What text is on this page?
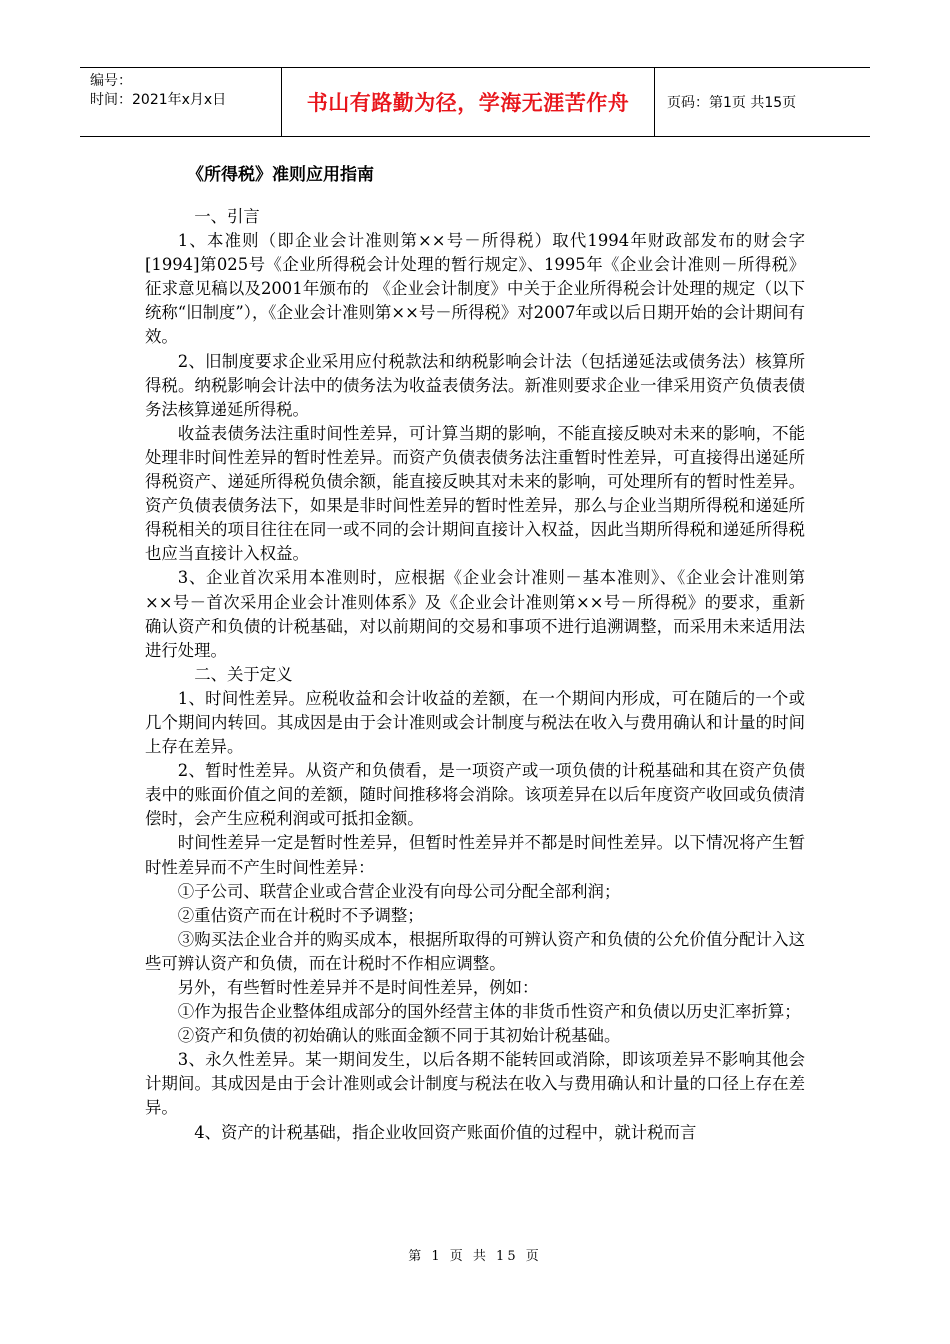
编号：
时间：2021年x月x日	书山有路勤为径，学海无涯苦作舟	页码：第1页 共15页
《所得税》准则应用指南

一、引言

1、本准则（即企业会计准则第××号－所得税）取代1994年财政部发布的财会字[1994]第025号《企业所得税会计处理的暂行规定》、1995年《企业会计准则－所得税》征求意见稿以及2001年颁布的 《企业会计制度》中关于企业所得税会计处理的规定（以下统称“旧制度”），《企业会计准则第××号－所得税》对2007年或以后日期开始的会计期间有效。

2、旧制度要求企业采用应付税款法和纳税影响会计法（包括递延法或债务法）核算所得税。纳税影响会计法中的债务法为收益表债务法。新准则要求企业一律采用资产负债表债务法核算递延所得税。

收益表债务法注重时间性差异，可计算当期的影响，不能直接反映对未来的影响，不能处理非时间性差异的暂时性差异。而资产负债表债务法注重暂时性差异，可直接得出递延所得税资产、递延所得税负债余额，能直接反映其对未来的影响，可处理所有的暂时性差异。资产负债表债务法下，如果是非时间性差异的暂时性差异，那么与企业当期所得税和递延所得税相关的项目往往在同一或不同的会计期间直接计入权益，因此当期所得税和递延所得税也应当直接计入权益。

3、企业首次采用本准则时，应根据《企业会计准则－基本准则》、《企业会计准则第××号－首次采用企业会计准则体系》及《企业会计准则第××号－所得税》的要求，重新确认资产和负债的计税基础，对以前期间的交易和事项不进行追溯调整，而采用未来适用法进行处理。

二、关于定义

1、时间性差异。应税收益和会计收益的差额，在一个期间内形成，可在随后的一个或几个期间内转回。其成因是由于会计准则或会计制度与税法在收入与费用确认和计量的时间上存在差异。

2、暂时性差异。从资产和负债看，是一项资产或一项负债的计税基础和其在资产负债表中的账面价值之间的差额，随时间推移将会消除。该项差异在以后年度资产收回或负债清偿时，会产生应税利润或可抵扣金额。

时间性差异一定是暂时性差异，但暂时性差异并不都是时间性差异。以下情况将产生暂时性差异而不产生时间性差异：

①子公司、联营企业或合营企业没有向母公司分配全部利润；

②重估资产而在计税时不予调整；

③购买法企业合并的购买成本，根据所取得的可辨认资产和负债的公允价值分配计入这些可辨认资产和负债，而在计税时不作相应调整。

另外，有些暂时性差异并不是时间性差异，例如：

①作为报告企业整体组成部分的国外经营主体的非货币性资产和负债以历史汇率折算；

②资产和负债的初始确认的账面金额不同于其初始计税基础。

3、永久性差异。某一期间发生，以后各期不能转回或消除，即该项差异不影响其他会计期间。其成因是由于会计准则或会计制度与税法在收入与费用确认和计量的口径上存在差异。

4、资产的计税基础，指企业收回资产账面价值的过程中，就计税而言

第 1 页 共 15 页
